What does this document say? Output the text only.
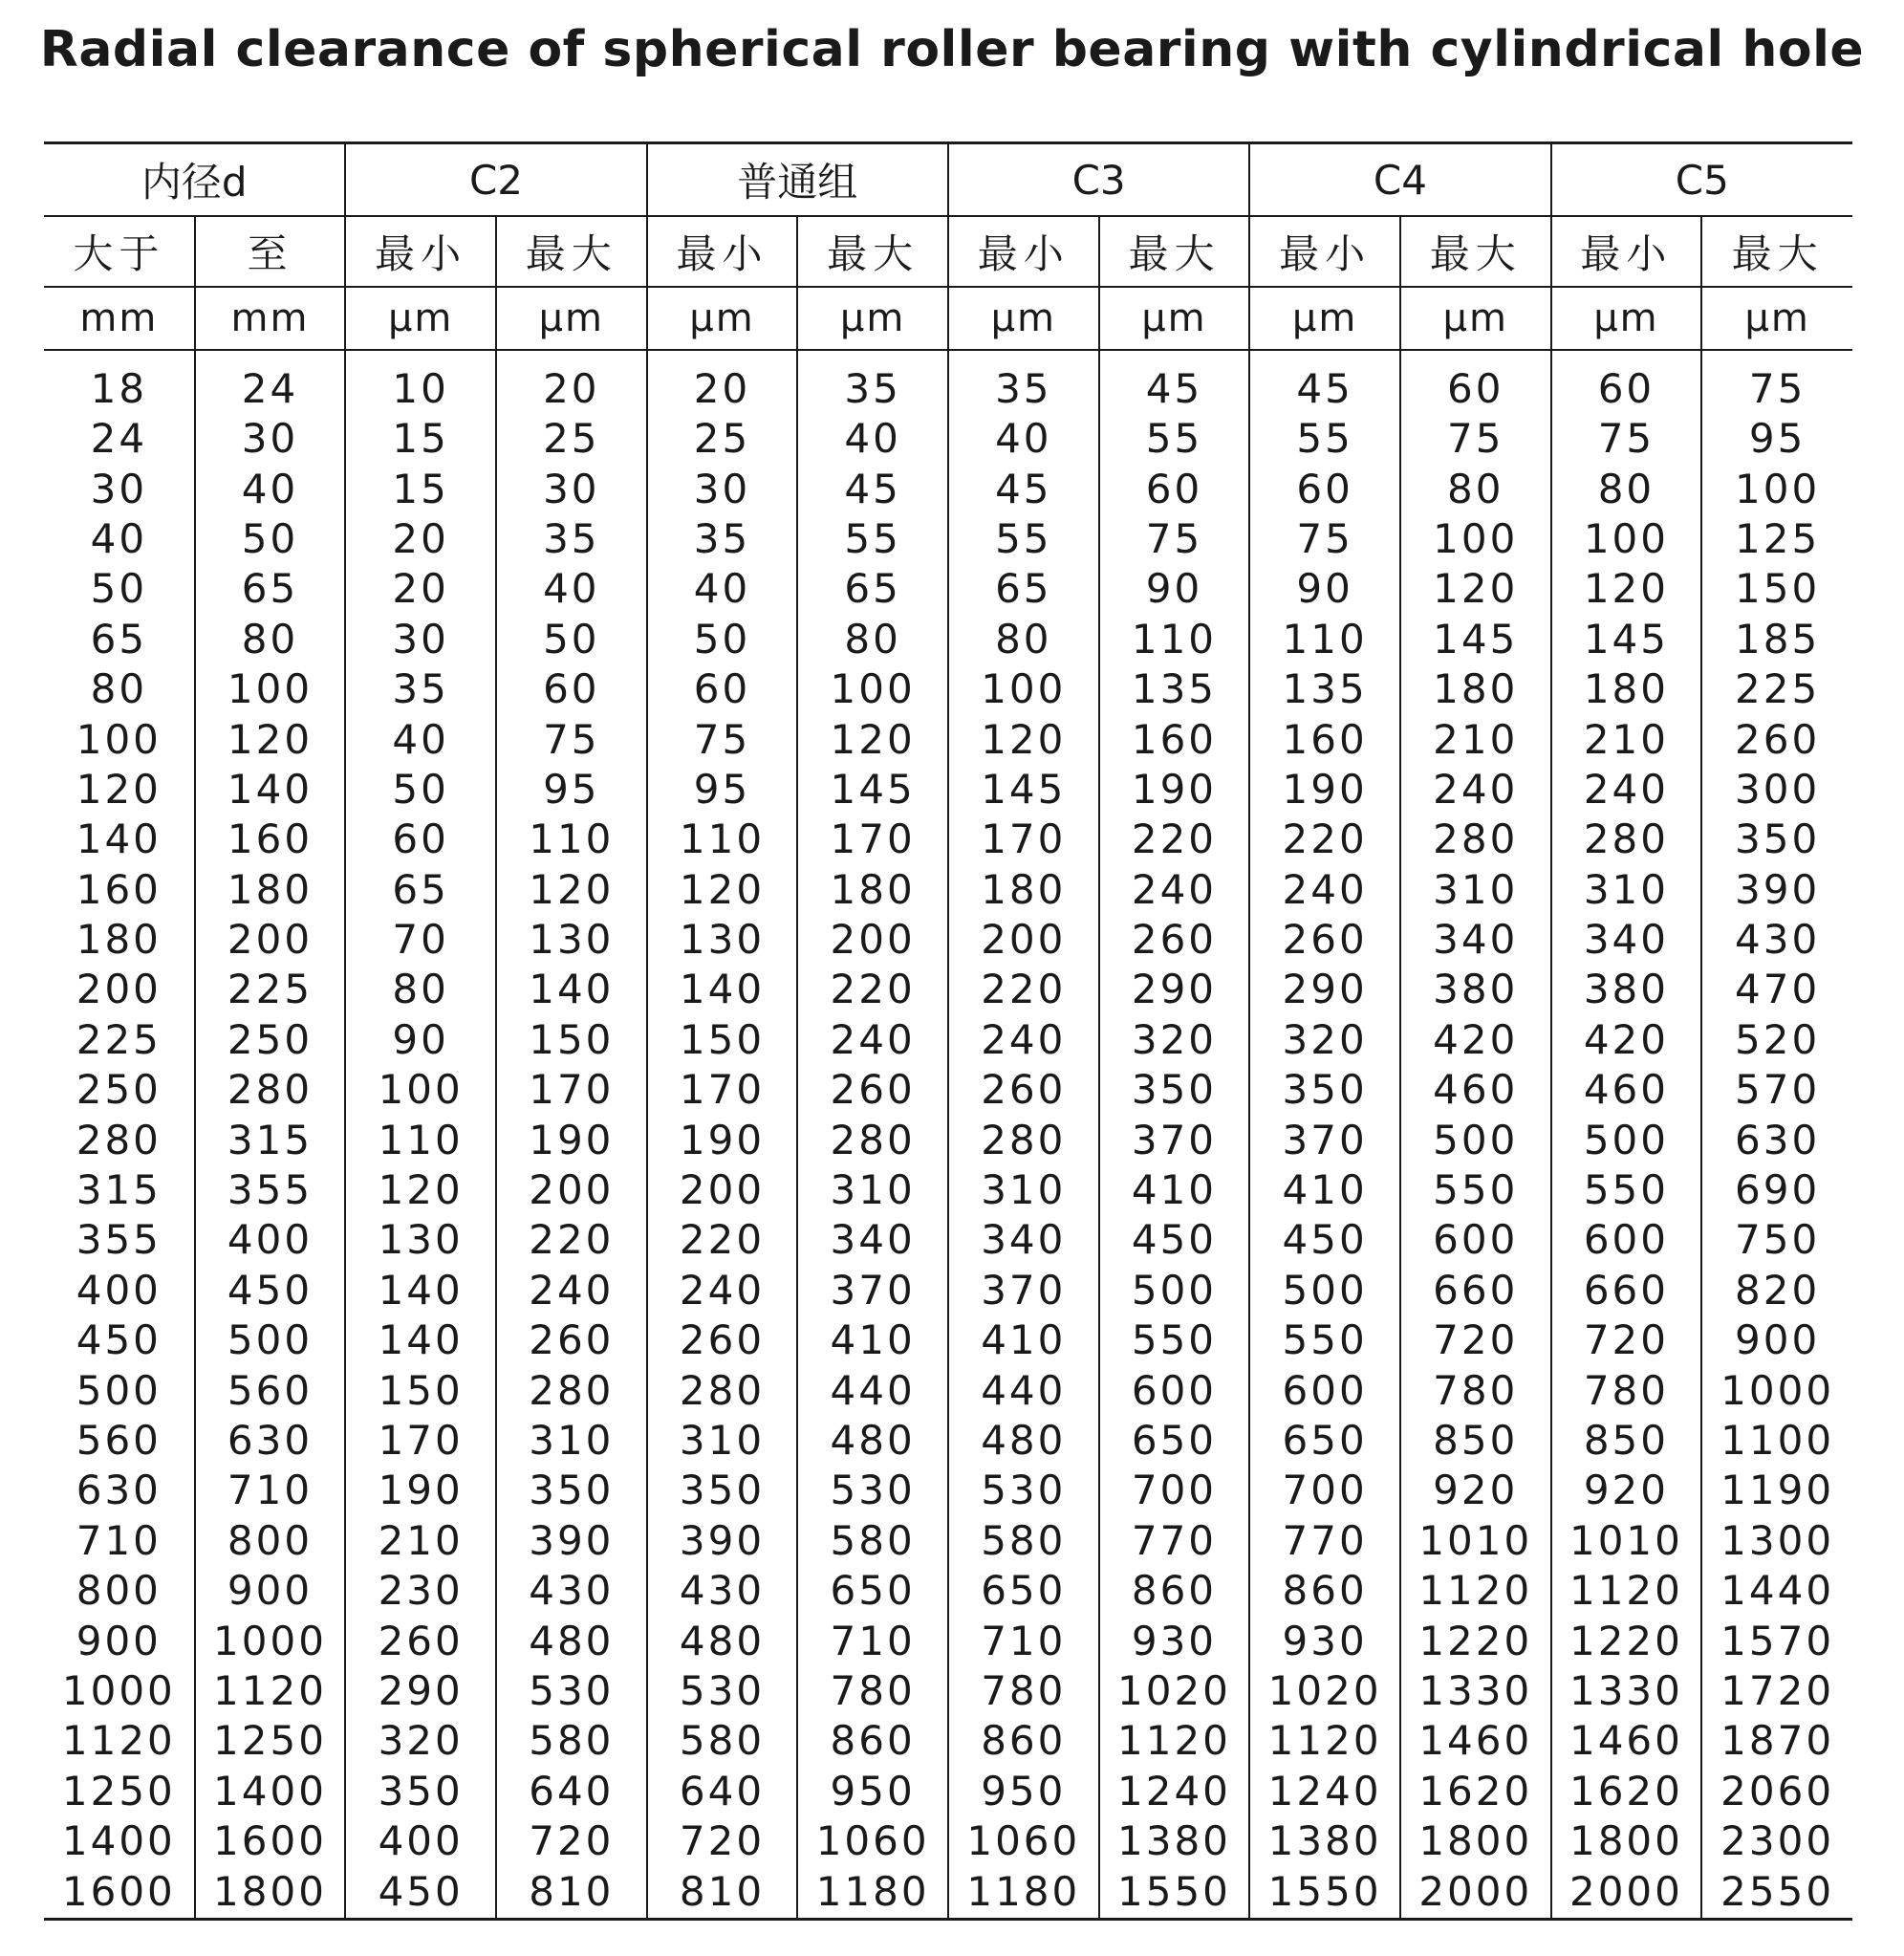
Radial clearance of spherical roller bearing with cylindrical hole
内径d		C2		普通组		C3		C4		C5	
大于	至	最小	最大	最小	最大	最小	最大	最小	最大	最小	最大
mm	mm	μm	μm	μm	μm	μm	μm	μm	μm	μm	μm
18	24	10	20	20	35	35	45	45	60	60	75
24	30	15	25	25	40	40	55	55	75	75	95
30	40	15	30	30	45	45	60	60	80	80	100
40	50	20	35	35	55	55	75	75	100	100	125
50	65	20	40	40	65	65	90	90	120	120	150
65	80	30	50	50	80	80	110	110	145	145	185
80	100	35	60	60	100	100	135	135	180	180	225
100	120	40	75	75	120	120	160	160	210	210	260
120	140	50	95	95	145	145	190	190	240	240	300
140	160	60	110	110	170	170	220	220	280	280	350
160	180	65	120	120	180	180	240	240	310	310	390
180	200	70	130	130	200	200	260	260	340	340	430
200	225	80	140	140	220	220	290	290	380	380	470
225	250	90	150	150	240	240	320	320	420	420	520
250	280	100	170	170	260	260	350	350	460	460	570
280	315	110	190	190	280	280	370	370	500	500	630
315	355	120	200	200	310	310	410	410	550	550	690
355	400	130	220	220	340	340	450	450	600	600	750
400	450	140	240	240	370	370	500	500	660	660	820
450	500	140	260	260	410	410	550	550	720	720	900
500	560	150	280	280	440	440	600	600	780	780	1000
560	630	170	310	310	480	480	650	650	850	850	1100
630	710	190	350	350	530	530	700	700	920	920	1190
710	800	210	390	390	580	580	770	770	1010	1010	1300
800	900	230	430	430	650	650	860	860	1120	1120	1440
900	1000	260	480	480	710	710	930	930	1220	1220	1570
1000	1120	290	530	530	780	780	1020	1020	1330	1330	1720
1120	1250	320	580	580	860	860	1120	1120	1460	1460	1870
1250	1400	350	640	640	950	950	1240	1240	1620	1620	2060
1400	1600	400	720	720	1060	1060	1380	1380	1800	1800	2300
1600	1800	450	810	810	1180	1180	1550	1550	2000	2000	2550
